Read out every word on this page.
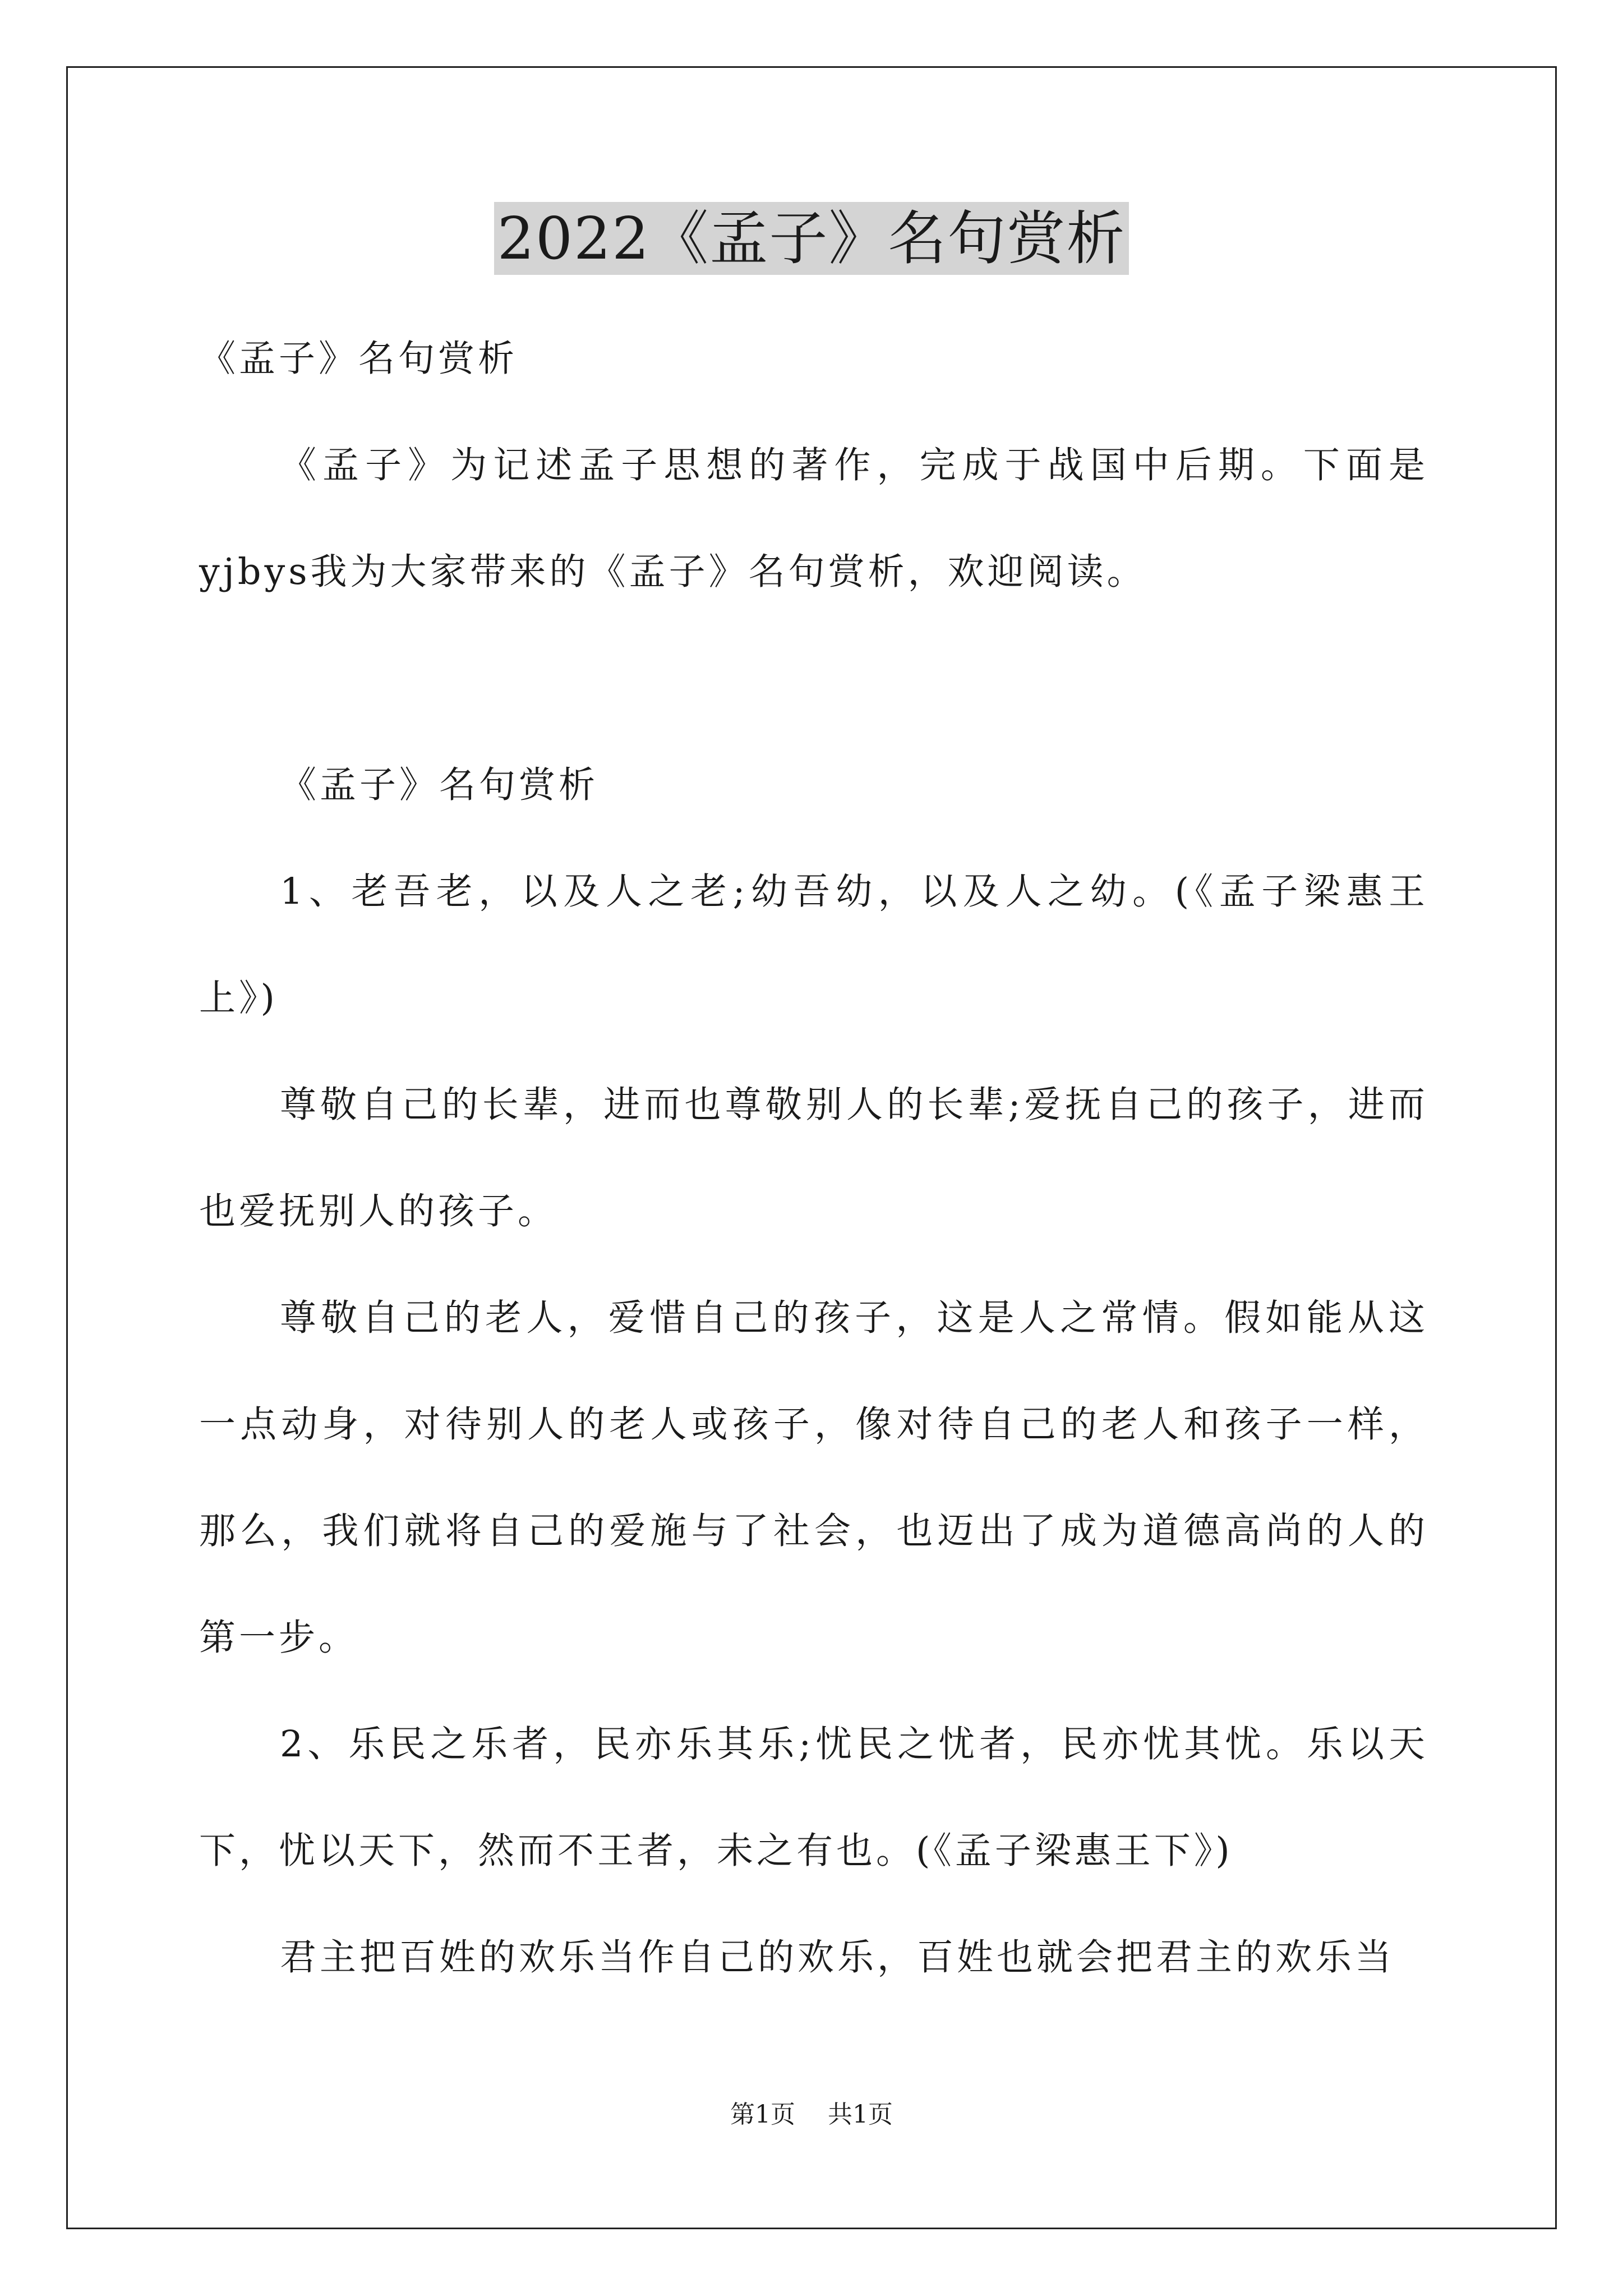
2022《孟子》名句赏析

《孟子》名句赏析

《孟子》为记述孟子思想的著作，完成于战国中后期。下面是yjbys我为大家带来的《孟子》名句赏析，欢迎阅读。

《孟子》名句赏析

1、老吾老，以及人之老;幼吾幼，以及人之幼。(《孟子梁惠王上》)

尊敬自己的长辈，进而也尊敬别人的长辈;爱抚自己的孩子，进而也爱抚别人的孩子。

尊敬自己的老人，爱惜自己的孩子，这是人之常情。假如能从这一点动身，对待别人的老人或孩子，像对待自己的老人和孩子一样，那么，我们就将自己的爱施与了社会，也迈出了成为道德高尚的人的第一步。

2、乐民之乐者，民亦乐其乐;忧民之忧者，民亦忧其忧。乐以天下，忧以天下，然而不王者，未之有也。(《孟子梁惠王下》)

君主把百姓的欢乐当作自己的欢乐，百姓也就会把君主的欢乐当

第1页 共1页
